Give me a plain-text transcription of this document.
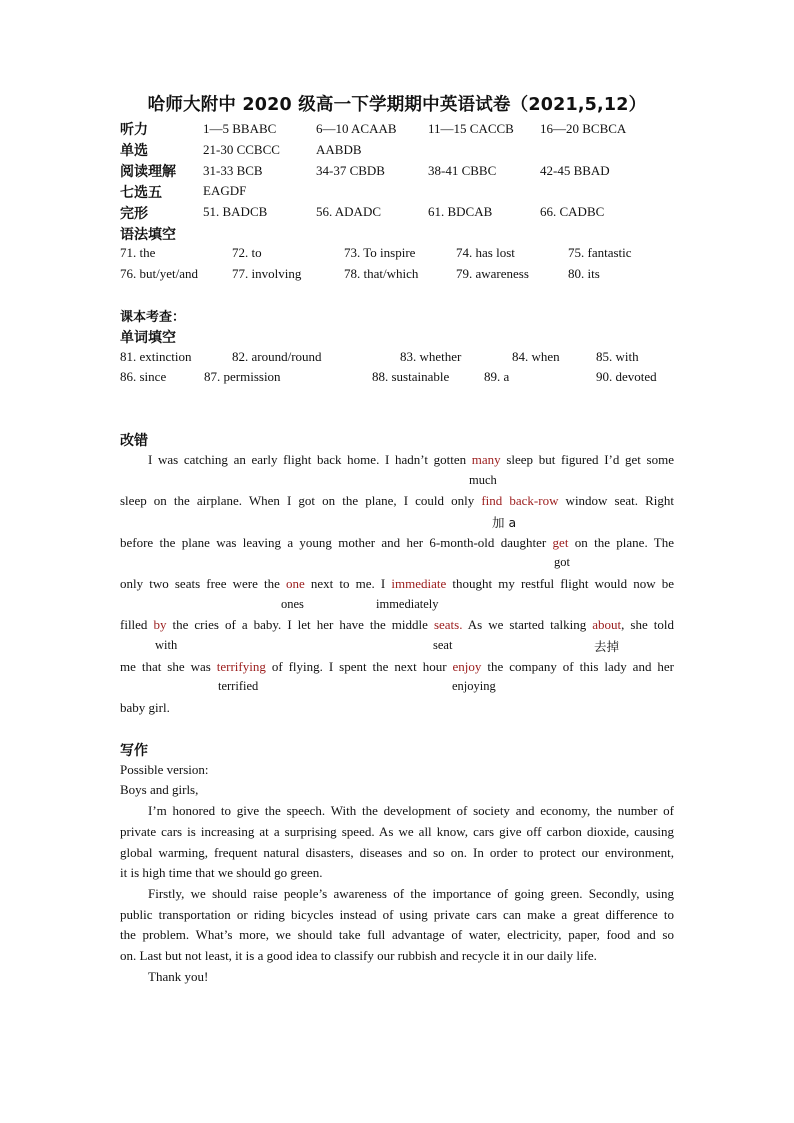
哈师大附中 2020 级高一下学期期中英语试卷（2021,5,12）
听力	1—5 BBABC	6—10 ACAAB 11—15 CACCB 16—20 BCBCA
单选	21-30 CCBCC	AABDB
阅读理解 31-33 BCB	34-37 CBDB	38-41 CBBC	42-45 BBAD
七选五	EAGDF
完形	51. BADCB	56. ADADC	61. BDCAB	66. CADBC
语法填空
71. the	72. to	73. To inspire	74. has lost	75. fantastic
76. but/yet/and	77. involving	78. that/which	79. awareness	80. its
课本考查：
单词填空
81. extinction	82. around/round	83. whether	84. when	85. with
86. since	87. permission	88. sustainable	89. a	90. devoted
改错
I was catching an early flight back home. I hadn’t gotten many sleep but figured I’d get some
much
sleep on the airplane. When I got on the plane, I could only find back-row window seat. Right
加 a
before the plane was leaving a young mother and her 6-month-old daughter get on the plane. The
got
only two seats free were the one next to me. I immediate thought my restful flight would now be
ones	immediately
filled by the cries of a baby. I let her have the middle seats. As we started talking about, she told
with	seat	去掉
me that she was terrifying of flying. I spent the next hour enjoy the company of this lady and her
terrified	enjoying
baby girl.
写作
Possible version:
Boys and girls,
I’m honored to give the speech. With the development of society and economy, the number of
private cars is increasing at a surprising speed. As we all know, cars give off carbon dioxide, causing
global warming, frequent natural disasters, diseases and so on. In order to protect our environment,
it is high time that we should go green.
Firstly, we should raise people’s awareness of the importance of going green. Secondly, using
public transportation or riding bicycles instead of using private cars can make a great difference to
the problem. What’s more, we should take full advantage of water, electricity, paper, food and so
on. Last but not least, it is a good idea to classify our rubbish and recycle it in our daily life.
Thank you!
